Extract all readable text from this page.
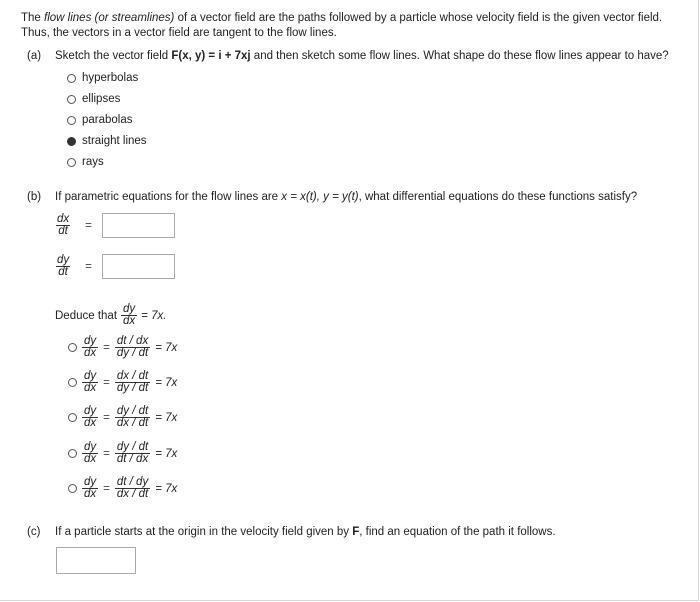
The flow lines (or streamlines) of a vector field are the paths followed by a particle whose velocity field is the given vector field.
Thus, the vectors in a vector field are tangent to the flow lines.
(a) Sketch the vector field F(x, y) = i + 7xj and then sketch some flow lines. What shape do these flow lines appear to have?
hyperbolas
ellipses
parabolas
straight lines
rays
(b) If parametric equations for the flow lines are x = x(t), y = y(t), what differential equations do these functions satisfy?
$\frac{dx}{dt}$ =
$\frac{dy}{dt}$ =
Deduce that $\frac{dy}{dx} = 7x$.
$\frac{dy}{dx} = \frac{dt / dx}{dy / dt} = 7x$
$\frac{dy}{dx} = \frac{dx / dt}{dy / dt} = 7x$
$\frac{dy}{dx} = \frac{dy / dt}{dx / dt} = 7x$
$\frac{dy}{dx} = \frac{dy / dt}{dt / dx} = 7x$
$\frac{dy}{dx} = \frac{dt / dy}{dx / dt} = 7x$
(c) If a particle starts at the origin in the velocity field given by F, find an equation of the path it follows.
